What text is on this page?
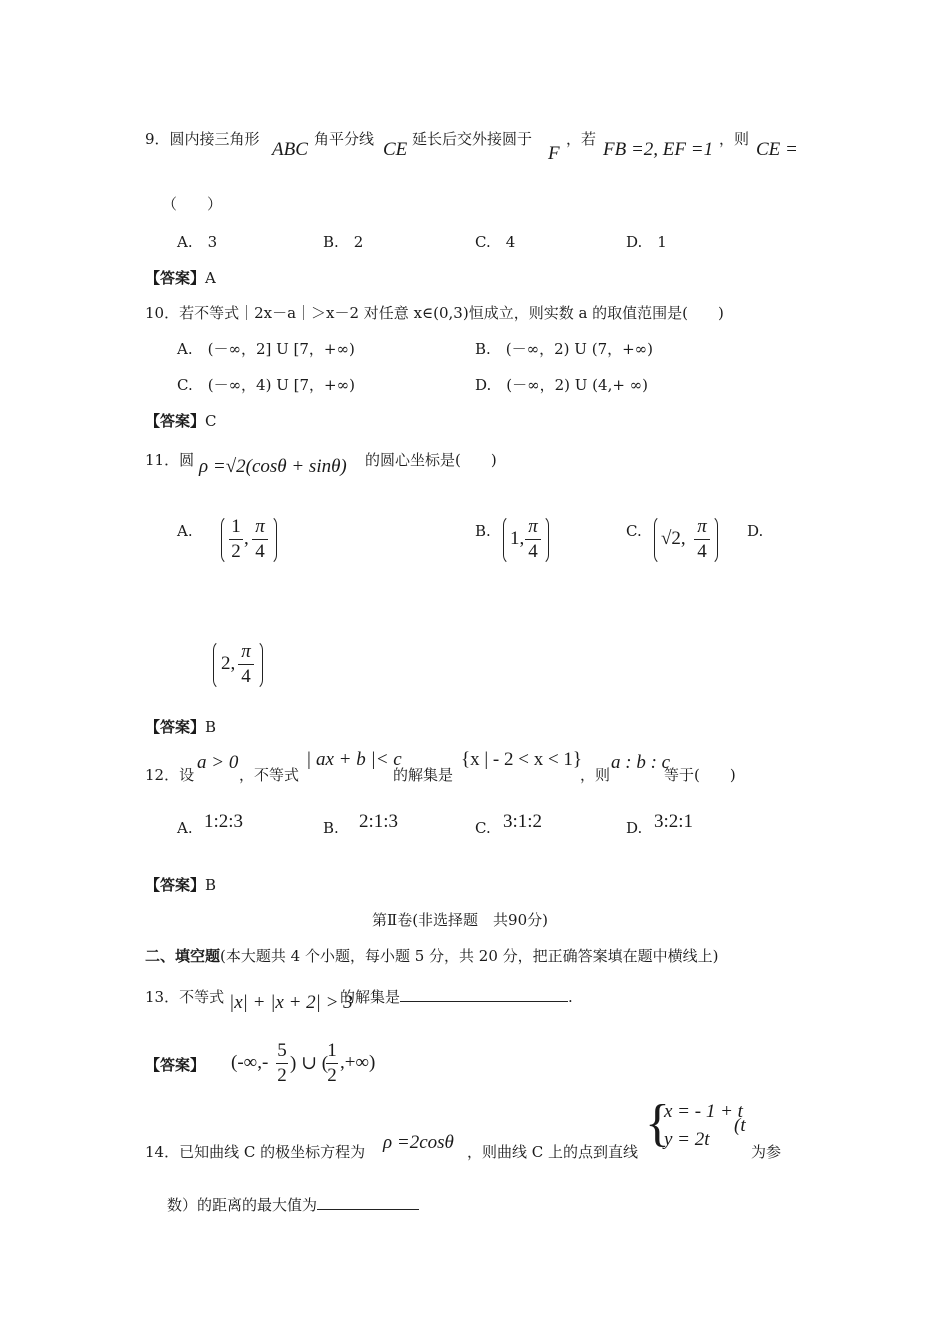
9．圆内接三角形 ABC 角平分线 CE 延长后交外接圆于
F
，若 FB =2, EF =1 ，则 CE =
（　　）
A.　3	B.　2	C.　4	D.　1
【答案】A
10．若不等式｜2x－a｜＞x－2 对任意 x∈(0,3)恒成立，则实数 a 的取值范围是(　　)
A.　(－∞，2] U [7，+∞)	B.　(－∞，2) U (7，+∞)
C.　(－∞，4) U [7，+∞)	D.　(－∞，2) U (4,+ ∞)
【答案】C
11．圆 ρ =√2(cosθ + sinθ) 的圆心坐标是(　　)
A. 1
2
,
π
4
B. 1,
π
4
C. √2,
π
4
D.
2,
π
4
【答案】B
12．设
a > 0
，不等式
| ax + b |< c
的解集是
{x | - 2 < x < 1}
，则
a : b : c
等于(　　)
A. 1:2:3	B. 2:1:3	C. 3:1:2	D. 3:2:1
【答案】B
第Ⅱ卷(非选择题　共90分)
二、填空题(本大题共 4 个小题，每小题 5 分，共 20 分，把正确答案填在题中横线上)
13．不等式 |x| + |x + 2| > 3
的解集是	.
【答案】 (-∞,-
5
2
) ∪ (
1
2
,+∞)
14．已知曲线 C 的极坐标方程为 ρ =2cosθ ，则曲线 C 上的点到直线 {
x = - 1 + t
y = 2t
(t
为参
数）的距离的最大值为
